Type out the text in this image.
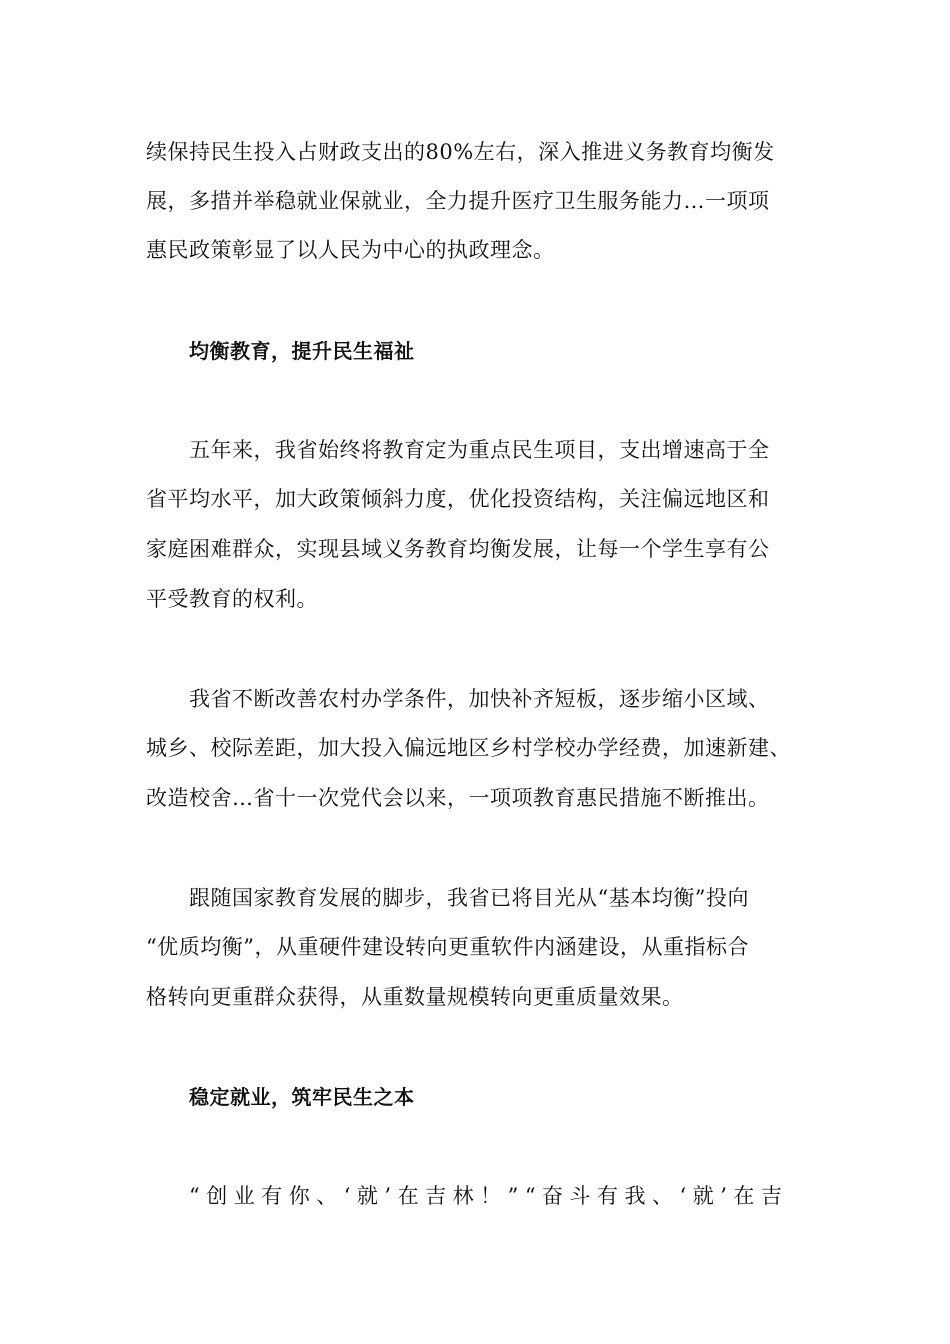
续保持民生投入占财政支出的80%左右，深入推进义务教育均衡发
展，多措并举稳就业保就业，全力提升医疗卫生服务能力…一项项
惠民政策彰显了以人民为中心的执政理念。
均衡教育，提升民生福祉
五年来，我省始终将教育定为重点民生项目，支出增速高于全
省平均水平，加大政策倾斜力度，优化投资结构，关注偏远地区和
家庭困难群众，实现县域义务教育均衡发展，让每一个学生享有公
平受教育的权利。
我省不断改善农村办学条件，加快补齐短板，逐步缩小区域、
城乡、校际差距，加大投入偏远地区乡村学校办学经费，加速新建、
改造校舍…省十一次党代会以来，一项项教育惠民措施不断推出。
跟随国家教育发展的脚步，我省已将目光从“基本均衡”投向
“优质均衡”，从重硬件建设转向更重软件内涵建设，从重指标合
格转向更重群众获得，从重数量规模转向更重质量效果。
稳定就业，筑牢民生之本
“创业有你、‘就’在吉林！”“奋斗有我、‘就’在吉
